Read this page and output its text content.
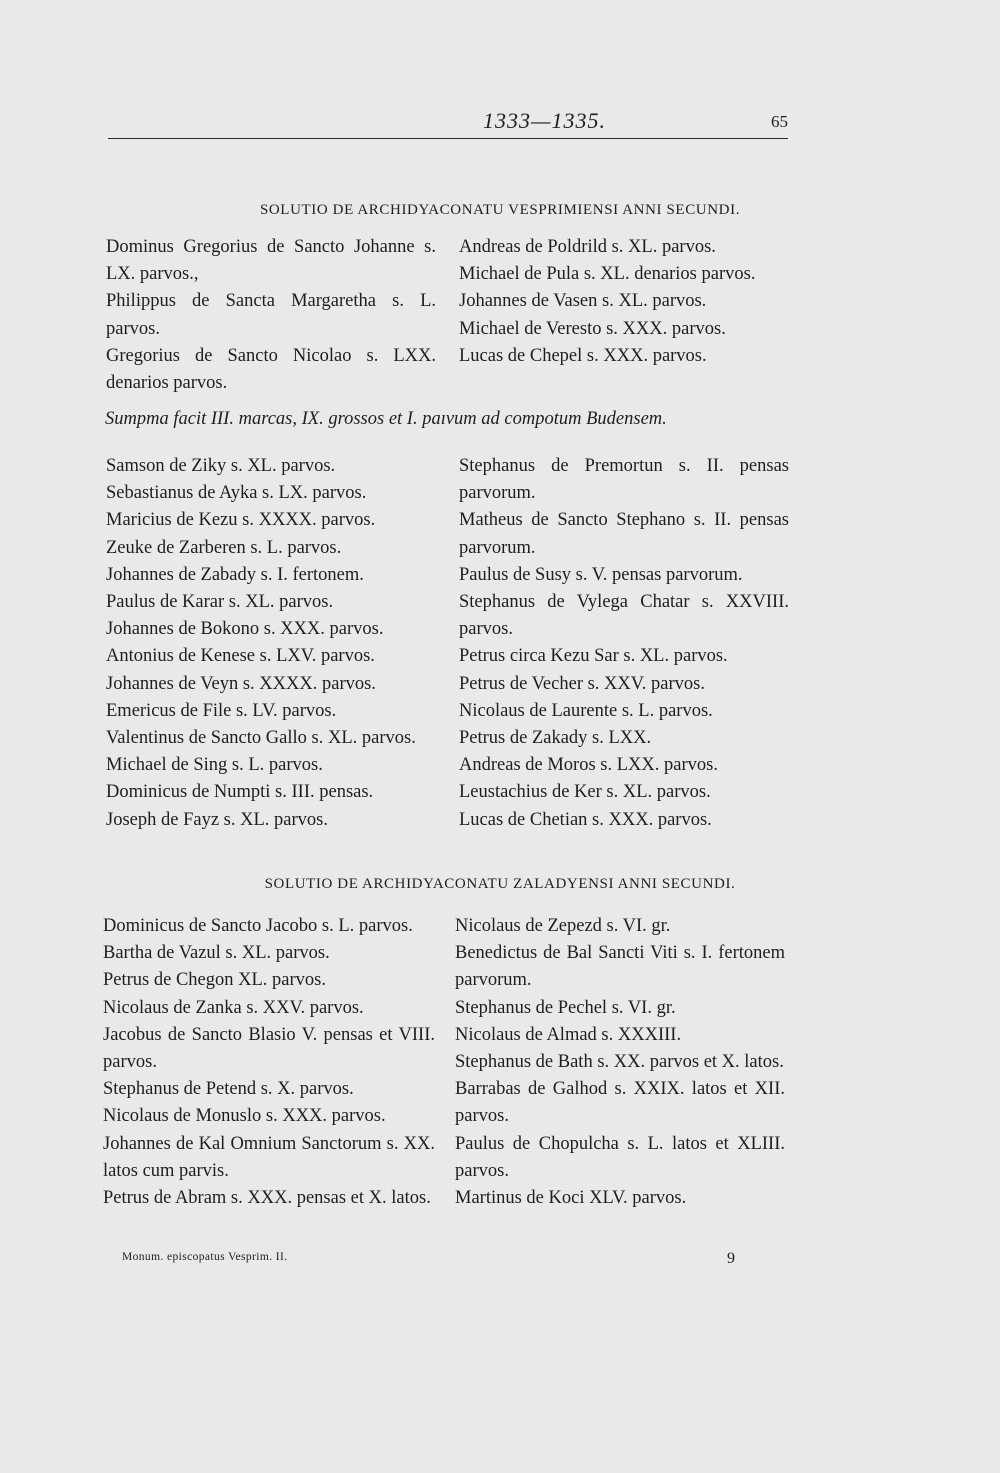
1333—1335.	65
SOLUTIO DE ARCHIDYACONATU VESPRIMIENSI ANNI SECUNDI.
Dominus Gregorius de Sancto Johanne s. LX. parvos.,
Philippus de Sancta Margaretha s. L. parvos.
Gregorius de Sancto Nicolao s. LXX. denarios parvos.
Andreas de Poldrild s. XL. parvos.
Michael de Pula s. XL. denarios parvos.
Johannes de Vasen s. XL. parvos.
Michael de Veresto s. XXX. parvos.
Lucas de Chepel s. XXX. parvos.
Sumpma facit III. marcas, IX. grossos et I. paıvum ad compotum Budensem.
Samson de Ziky s. XL. parvos.
Sebastianus de Ayka s. LX. parvos.
Maricius de Kezu s. XXXX. parvos.
Zeuke de Zarberen s. L. parvos.
Johannes de Zabady s. I. fertonem.
Paulus de Karar s. XL. parvos.
Johannes de Bokono s. XXX. parvos.
Antonius de Kenese s. LXV. parvos.
Johannes de Veyn s. XXXX. parvos.
Emericus de File s. LV. parvos.
Valentinus de Sancto Gallo s. XL. parvos.
Michael de Sing s. L. parvos.
Dominicus de Numpti s. III. pensas.
Joseph de Fayz s. XL. parvos.
Stephanus de Premortun s. II. pensas parvorum.
Matheus de Sancto Stephano s. II. pensas parvorum.
Paulus de Susy s. V. pensas parvorum.
Stephanus de Vylega Chatar s. XXVIII. parvos.
Petrus circa Kezu Sar s. XL. parvos.
Petrus de Vecher s. XXV. parvos.
Nicolaus de Laurente s. L. parvos.
Petrus de Zakady s. LXX.
Andreas de Moros s. LXX. parvos.
Leustachius de Ker s. XL. parvos.
Lucas de Chetian s. XXX. parvos.
SOLUTIO DE ARCHIDYACONATU ZALADYENSI ANNI SECUNDI.
Dominicus de Sancto Jacobo s. L. parvos.
Bartha de Vazul s. XL. parvos.
Petrus de Chegon XL. parvos.
Nicolaus de Zanka s. XXV. parvos.
Jacobus de Sancto Blasio V. pensas et VIII. parvos.
Stephanus de Petend s. X. parvos.
Nicolaus de Monuslo s. XXX. parvos.
Johannes de Kal Omnium Sanctorum s. XX. latos cum parvis.
Petrus de Abram s. XXX. pensas et X. latos.
Nicolaus de Zepezd s. VI. gr.
Benedictus de Bal Sancti Viti s. I. fertonem parvorum.
Stephanus de Pechel s. VI. gr.
Nicolaus de Almad s. XXXIII.
Stephanus de Bath s. XX. parvos et X. latos.
Barrabas de Galhod s. XXIX. latos et XII. parvos.
Paulus de Chopulcha s. L. latos et XLIII. parvos.
Martinus de Koci XLV. parvos.
Monum. episcopatus Vesprim. II.	9
